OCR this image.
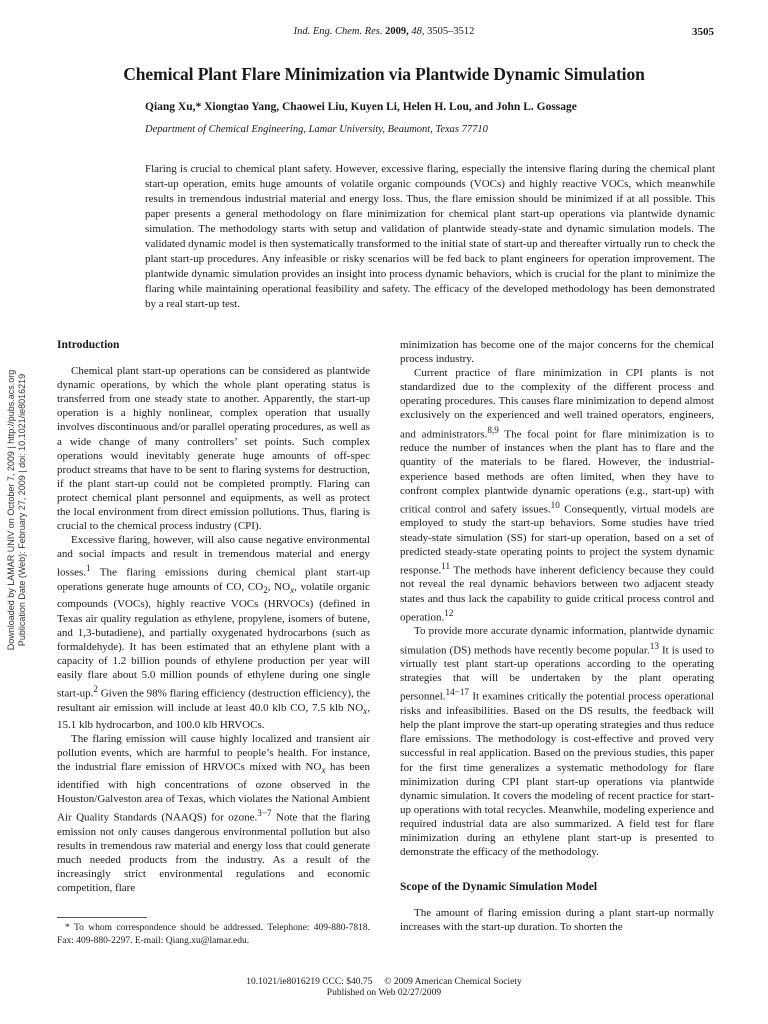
Ind. Eng. Chem. Res. 2009, 48, 3505–3512	3505
Chemical Plant Flare Minimization via Plantwide Dynamic Simulation
Qiang Xu,* Xiongtao Yang, Chaowei Liu, Kuyen Li, Helen H. Lou, and John L. Gossage
Department of Chemical Engineering, Lamar University, Beaumont, Texas 77710
Flaring is crucial to chemical plant safety. However, excessive flaring, especially the intensive flaring during the chemical plant start-up operation, emits huge amounts of volatile organic compounds (VOCs) and highly reactive VOCs, which meanwhile results in tremendous industrial material and energy loss. Thus, the flare emission should be minimized if at all possible. This paper presents a general methodology on flare minimization for chemical plant start-up operations via plantwide dynamic simulation. The methodology starts with setup and validation of plantwide steady-state and dynamic simulation models. The validated dynamic model is then systematically transformed to the initial state of start-up and thereafter virtually run to check the plant start-up procedures. Any infeasible or risky scenarios will be fed back to plant engineers for operation improvement. The plantwide dynamic simulation provides an insight into process dynamic behaviors, which is crucial for the plant to minimize the flaring while maintaining operational feasibility and safety. The efficacy of the developed methodology has been demonstrated by a real start-up test.
Downloaded by LAMAR UNIV on October 7, 2009 | http://pubs.acs.org Publication Date (Web): February 27, 2009 | doi: 10.1021/ie8016219
Introduction

Chemical plant start-up operations can be considered as plantwide dynamic operations, by which the whole plant operating status is transferred from one steady state to another. Apparently, the start-up operation is a highly nonlinear, complex operation that usually involves discontinuous and/or parallel operating procedures, as well as a wide change of many controllers’ set points. Such complex operations would inevitably generate huge amounts of off-spec product streams that have to be sent to flaring systems for destruction, if the plant start-up could not be completed promptly. Flaring can protect chemical plant personnel and equipments, as well as protect the local environment from direct emission pollutions. Thus, flaring is crucial to the chemical process industry (CPI).

Excessive flaring, however, will also cause negative environmental and social impacts and result in tremendous material and energy losses.$^1$ The flaring emissions during chemical plant start-up operations generate huge amounts of CO, $CO_2$, $NO_x$, volatile organic compounds (VOCs), highly reactive VOCs (HRVOCs) (defined in Texas air quality regulation as ethylene, propylene, isomers of butene, and 1,3-butadiene), and partially oxygenated hydrocarbons (such as formaldehyde). It has been estimated that an ethylene plant with a capacity of 1.2 billion pounds of ethylene production per year will easily flare about 5.0 million pounds of ethylene during one single start-up.$^2$ Given the 98% flaring efficiency (destruction efficiency), the resultant air emission will include at least 40.0 klb CO, 7.5 klb $NO_x$, 15.1 klb hydrocarbon, and 100.0 klb HRVOCs.

The flaring emission will cause highly localized and transient air pollution events, which are harmful to people’s health. For instance, the industrial flare emission of HRVOCs mixed with $NO_x$ has been identified with high concentrations of ozone observed in the Houston/Galveston area of Texas, which violates the National Ambient Air Quality Standards (NAAQS) for ozone.$^{3-7}$ Note that the flaring emission not only causes dangerous environmental pollution but also results in tremendous raw material and energy loss that could generate much needed products from the industry. As a result of the increasingly strict environmental regulations and economic competition, flare

minimization has become one of the major concerns for the chemical process industry.

Current practice of flare minimization in CPI plants is not standardized due to the complexity of the different process and operating procedures. This causes flare minimization to depend almost exclusively on the experienced and well trained operators, engineers, and administrators.$^{8,9}$ The focal point for flare minimization is to reduce the number of instances when the plant has to flare and the quantity of the materials to be flared. However, the industrial-experience based methods are often limited, when they have to confront complex plantwide dynamic operations (e.g., start-up) with critical control and safety issues.$^{10}$ Consequently, virtual models are employed to study the start-up behaviors. Some studies have tried steady-state simulation (SS) for start-up operation, based on a set of predicted steady-state operating points to project the system dynamic response.$^{11}$ The methods have inherent deficiency because they could not reveal the real dynamic behaviors between two adjacent steady states and thus lack the capability to guide critical process control and operation.$^{12}$

To provide more accurate dynamic information, plantwide dynamic simulation (DS) methods have recently become popular.$^{13}$ It is used to virtually test plant start-up operations according to the operating strategies that will be undertaken by the plant operating personnel.$^{14-17}$ It examines critically the potential process operational risks and infeasibilities. Based on the DS results, the feedback will help the plant improve the start-up operating strategies and thus reduce flare emissions. The methodology is cost-effective and proved very successful in real application. Based on the previous studies, this paper for the first time generalizes a systematic methodology for flare minimization during CPI plant start-up operations via plantwide dynamic simulation. It covers the modeling of recent practice for start-up operations with total recycles. Meanwhile, modeling experience and required industrial data are also summarized. A field test for flare minimization during an ethylene plant start-up is presented to demonstrate the efficacy of the methodology.

Scope of the Dynamic Simulation Model

The amount of flaring emission during a plant start-up normally increases with the start-up duration. To shorten the

* To whom correspondence should be addressed. Telephone: 409-880-7818. Fax: 409-880-2297. E-mail: Qiang.xu@lamar.edu.
10.1021/ie8016219 CCC: $40.75     © 2009 American Chemical Society
Published on Web 02/27/2009
